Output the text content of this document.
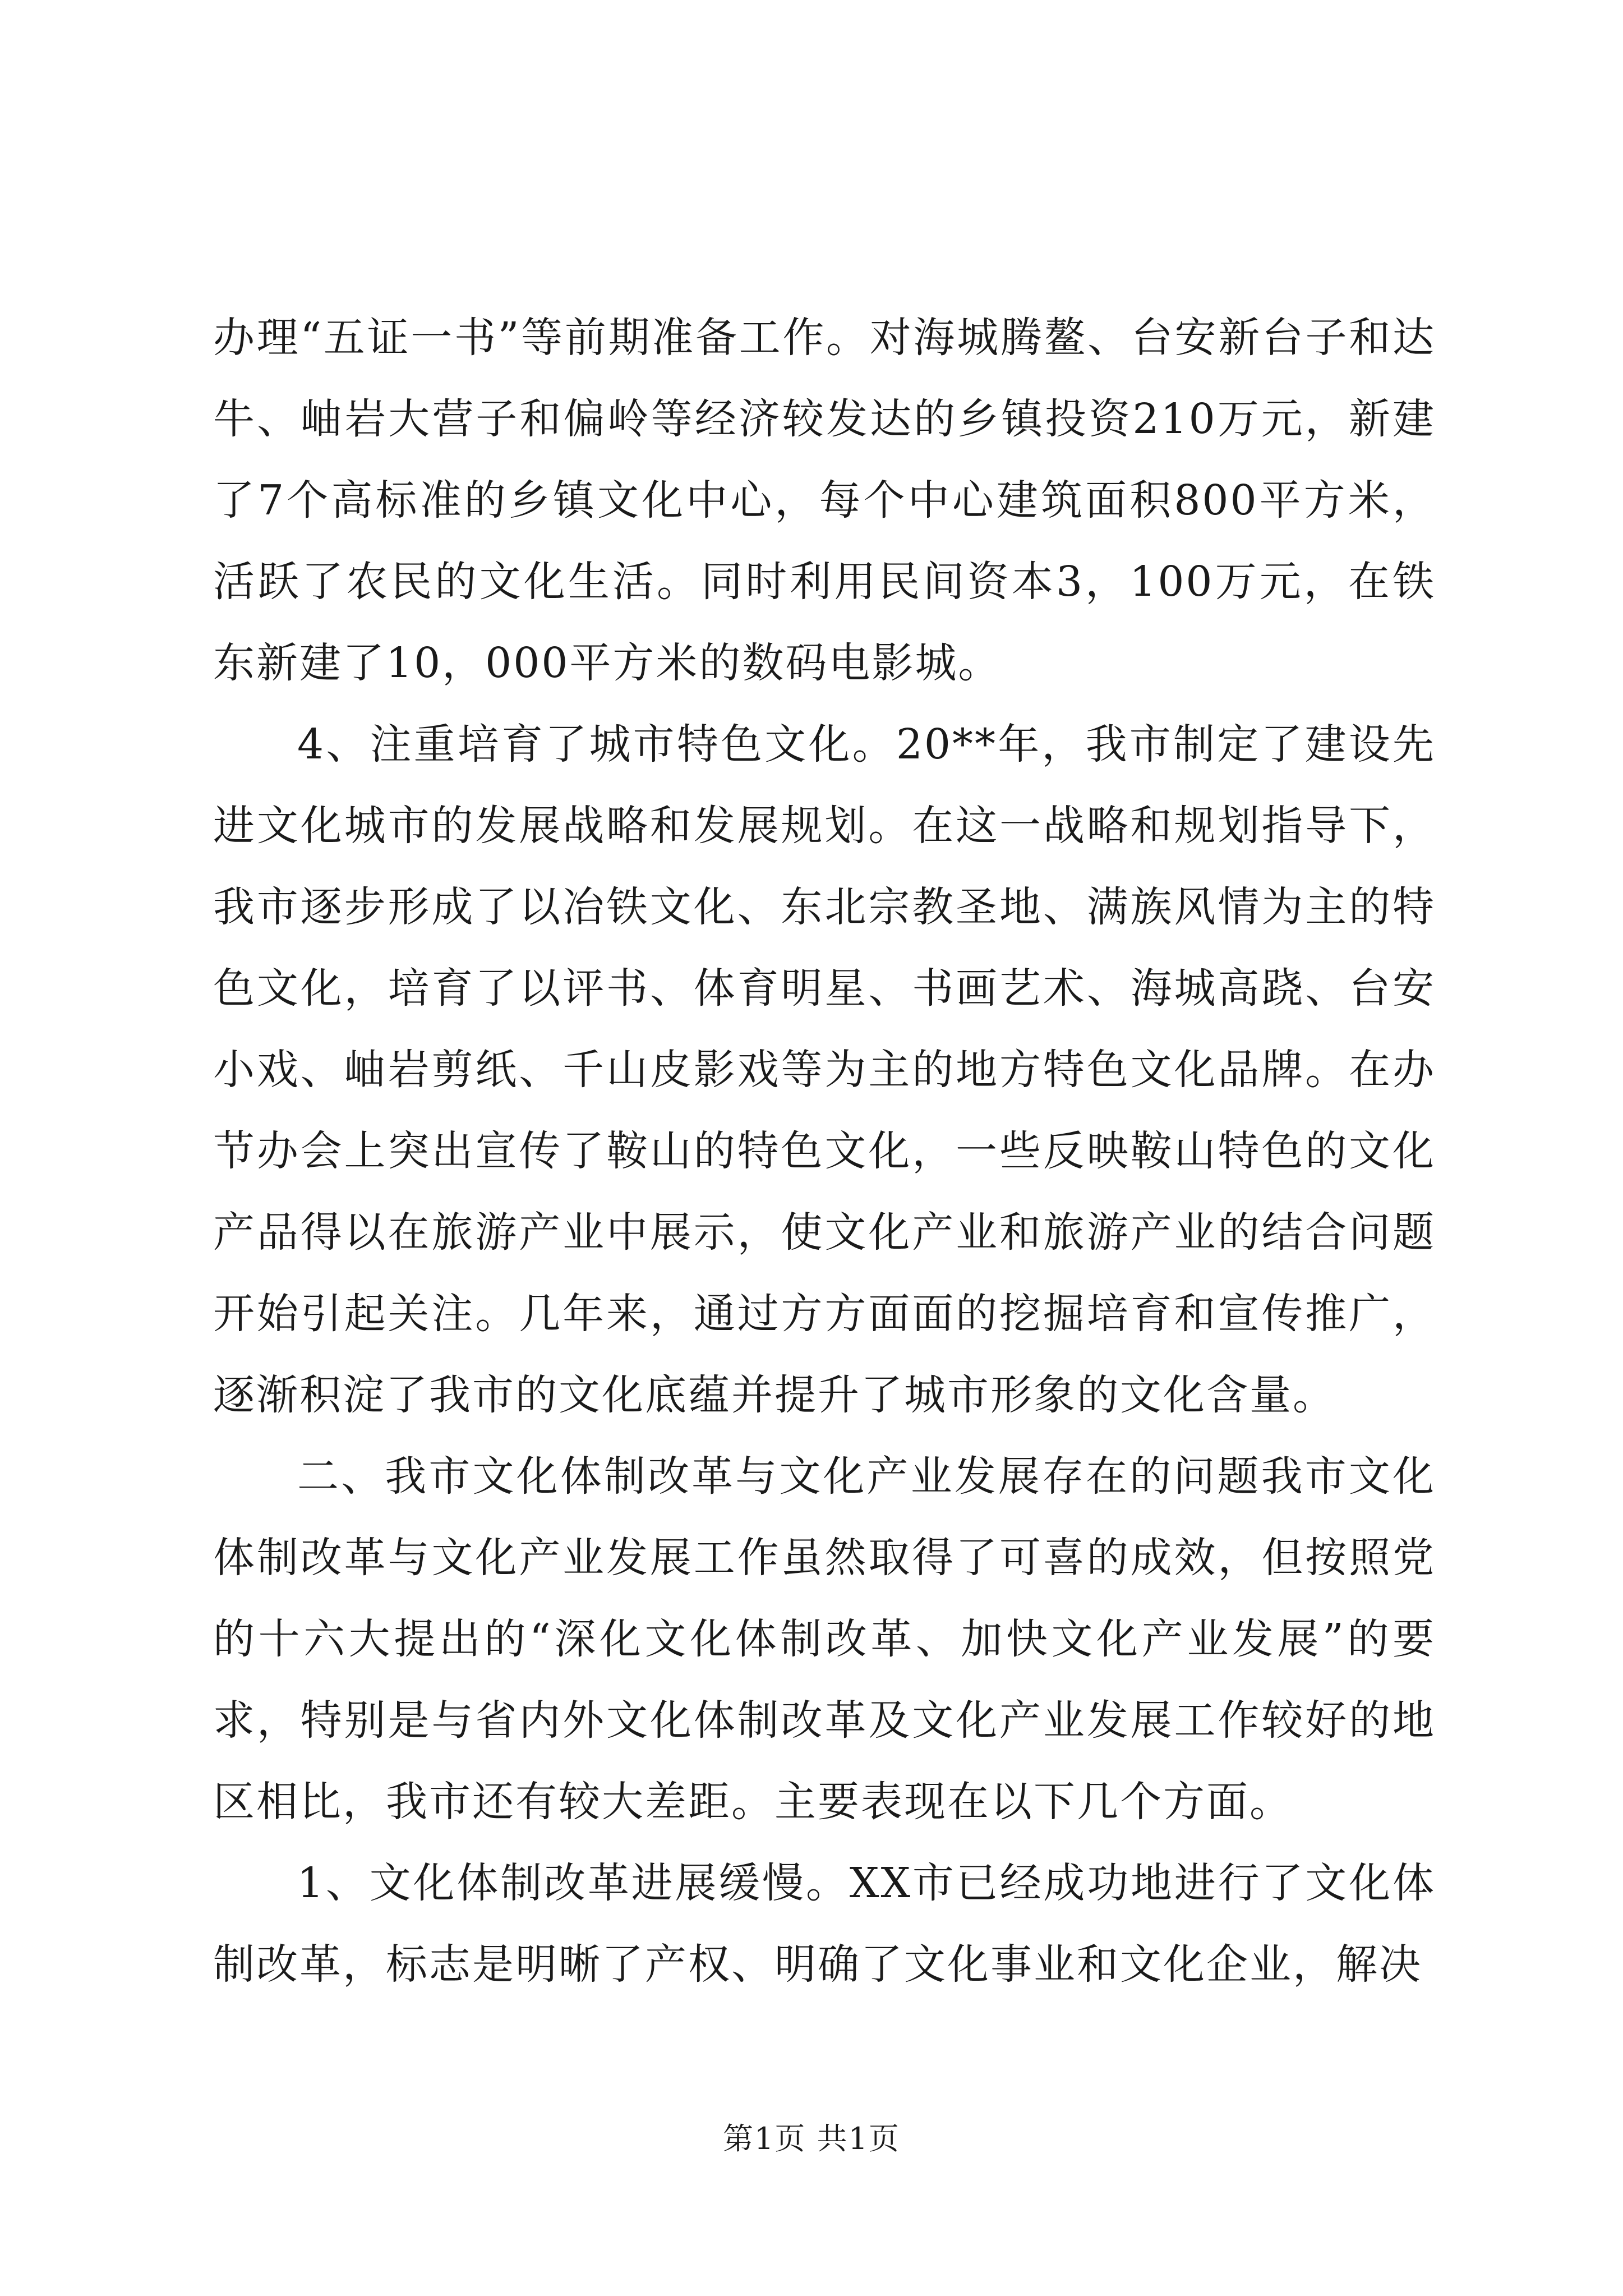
办理“五证一书”等前期准备工作。对海城腾鳌、台安新台子和达牛、岫岩大营子和偏岭等经济较发达的乡镇投资210万元，新建了7个高标准的乡镇文化中心，每个中心建筑面积800平方米，活跃了农民的文化生活。同时利用民间资本3，100万元，在铁东新建了10，000平方米的数码电影城。

4、注重培育了城市特色文化。20**年，我市制定了建设先进文化城市的发展战略和发展规划。在这一战略和规划指导下，我市逐步形成了以冶铁文化、东北宗教圣地、满族风情为主的特色文化，培育了以评书、体育明星、书画艺术、海城高跷、台安小戏、岫岩剪纸、千山皮影戏等为主的地方特色文化品牌。在办节办会上突出宣传了鞍山的特色文化，一些反映鞍山特色的文化产品得以在旅游产业中展示，使文化产业和旅游产业的结合问题开始引起关注。几年来，通过方方面面的挖掘培育和宣传推广，逐渐积淀了我市的文化底蕴并提升了城市形象的文化含量。

二、我市文化体制改革与文化产业发展存在的问题我市文化体制改革与文化产业发展工作虽然取得了可喜的成效，但按照党的十六大提出的“深化文化体制改革、加快文化产业发展”的要求，特别是与省内外文化体制改革及文化产业发展工作较好的地区相比，我市还有较大差距。主要表现在以下几个方面。

1、文化体制改革进展缓慢。XX市已经成功地进行了文化体制改革，标志是明晰了产权、明确了文化事业和文化企业，解决

第1页 共1页
